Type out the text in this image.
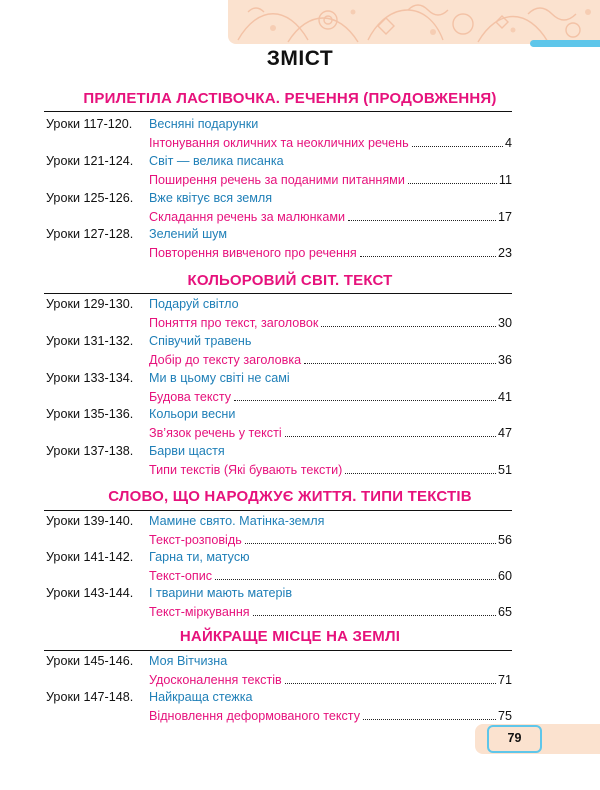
ЗМІСТ
ПРИЛЕТІЛА ЛАСТІВОЧКА. РЕЧЕННЯ (ПРОДОВЖЕННЯ)
Уроки 117-120. Весняні подарунки
Інтонування окличних та неокличних речень	4
Уроки 121-124. Світ — велика писанка
Поширення речень за поданими питаннями	11
Уроки 125-126. Вже квітує вся земля
Складання речень за малюнками	17
Уроки 127-128. Зелений шум
Повторення вивченого про речення	23
КОЛЬОРОВИЙ СВІТ. ТЕКСТ
Уроки 129-130. Подаруй світло
Поняття про текст, заголовок	30
Уроки 131-132. Співучий травень
Добір до тексту заголовка	36
Уроки 133-134. Ми в цьому світі не самі
Будова тексту	41
Уроки 135-136. Кольори весни
Зв’язок речень у тексті	47
Уроки 137-138. Барви щастя
Типи текстів (Які бувають тексти)	51
СЛОВО, ЩО НАРОДЖУЄ ЖИТТЯ. ТИПИ ТЕКСТІВ
Уроки 139-140. Мамине свято. Матінка-земля
Текст-розповідь	56
Уроки 141-142. Гарна ти, матусю
Текст-опис	60
Уроки 143-144. І тварини мають матерів
Текст-міркування	65
НАЙКРАЩЕ МІСЦЕ НА ЗЕМЛІ
Уроки 145-146. Моя Вітчизна
Удосконалення текстів	71
Уроки 147-148. Найкраща стежка
Відновлення деформованого тексту	75
79
